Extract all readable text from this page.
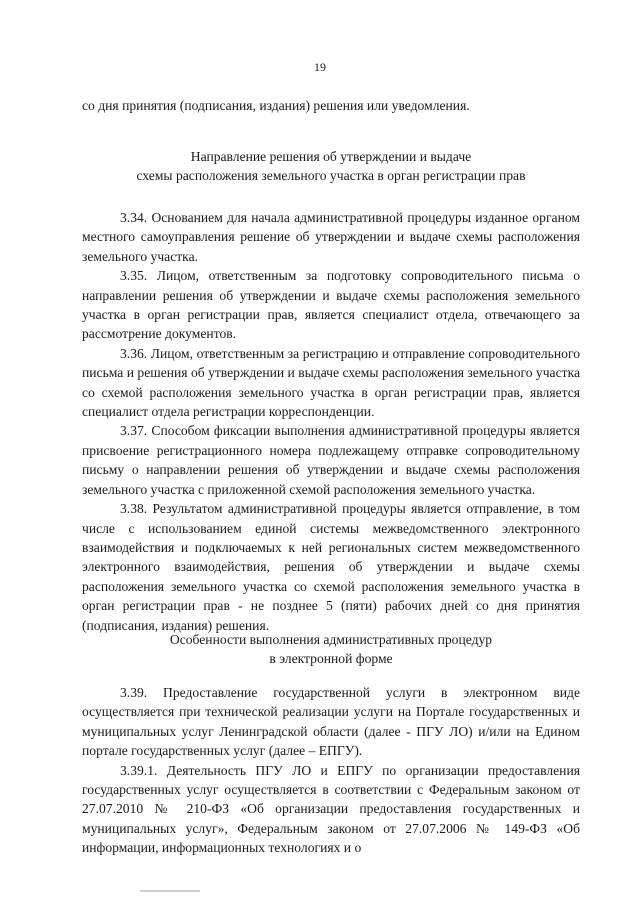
19

со дня принятия (подписания, издания) решения или уведомления.

Направление решения об утверждении и выдаче

схемы расположения земельного участка в орган регистрации прав

3.34. Основанием для начала административной процедуры изданное органом местного самоуправления решение об утверждении и выдаче схемы расположения земельного участка.

3.35. Лицом, ответственным за подготовку сопроводительного письма о направлении решения об утверждении и выдаче схемы расположения земельного участка в орган регистрации прав, является специалист отдела, отвечающего за рассмотрение документов.

3.36. Лицом, ответственным за регистрацию и отправление сопроводительного письма и решения об утверждении и выдаче схемы расположения земельного участка со схемой расположения земельного участка в орган регистрации прав, является специалист отдела регистрации корреспонденции.

3.37. Способом фиксации выполнения административной процедуры является присвоение регистрационного номера подлежащему отправке сопроводительному письму о направлении решения об утверждении и выдаче схемы расположения земельного участка с приложенной схемой расположения земельного участка.

3.38. Результатом административной процедуры является отправление, в том числе с использованием единой системы межведомственного электронного взаимодействия и подключаемых к ней региональных систем межведомственного электронного взаимодействия, решения об утверждении и выдаче схемы расположения земельного участка со схемой расположения земельного участка в орган регистрации прав - не позднее 5 (пяти) рабочих дней со дня принятия (подписания, издания) решения.

Особенности выполнения административных процедур

в электронной форме

3.39. Предоставление государственной услуги в электронном виде осуществляется при технической реализации услуги на Портале государственных и муниципальных услуг Ленинградской области (далее - ПГУ ЛО) и/или на Едином портале государственных услуг (далее – ЕПГУ).

3.39.1. Деятельность ПГУ ЛО и ЕПГУ по организации предоставления государственных услуг осуществляется в соответствии с Федеральным законом от 27.07.2010 № 210-ФЗ «Об организации предоставления государственных и муниципальных услуг», Федеральным законом от 27.07.2006 № 149-ФЗ «Об информации, информационных технологиях и о
